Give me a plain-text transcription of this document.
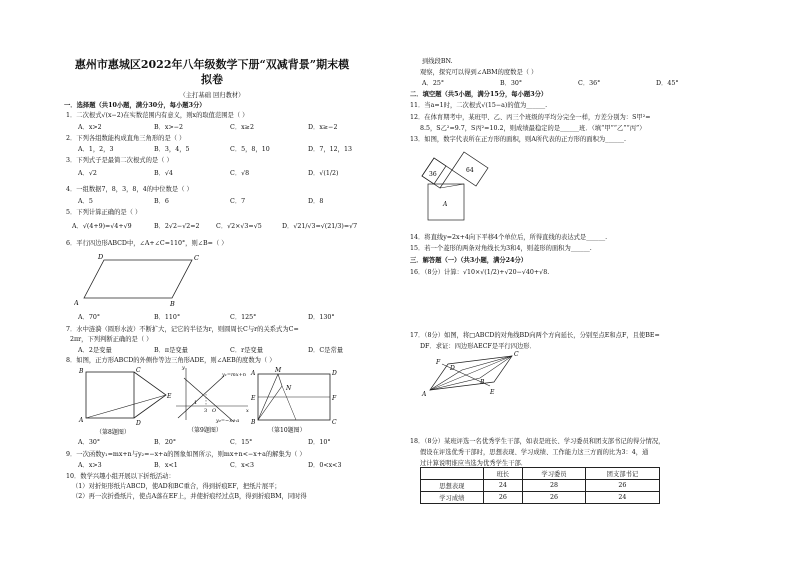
惠州市惠城区2022年八年级数学下册“双减背景”期末模
拟卷
（主打基础 回归教材）
一．选择题（共10小题，满分30分，每小题3分）
1．二次根式√(x−2)在实数范围内有意义，则x的取值范围是（ ）
A．x>2	B．x>−2	C．x≥2	D．x≥−2
2．下列各组数能构成直角三角形的是（ ）
A．1，2，3	B．3，4，5	C．5，8，10	D．7，12，13
3．下列式子是最简二次根式的是（ ）
A．√2	B．√4	C．√8	D．√(1/2)
4．一组数据7，8，3，8，4的中位数是（ ）
A．5	B．6	C．7	D．8
5．下列计算正确的是（ ）
A．√(4+9)=√4+√9	B．2√2−√2=2	C．√2×√3=√5	D．√21/√3=√(21/3)=√7
6．平行四边形ABCD中，∠A+∠C=110°，则∠B=（ ）
A	B
C
D
A．70°	B．110°	C．125°	D．130°
7．水中涟漪（圆形水波）不断扩大，记它的半径为r，则圆周长C与r的关系式为C=
2πr，下列判断正确的是（ ）
A．2是变量	B．π是变量	C．r是变量	D．C是常量
8．如图，正方形ABCD的外侧作等边三角形ADE，则∠AEB的度数为（ ）
B
A
C
D
E
（第8题图）
y₁=mx+n
y₂=−x+a
y
x
1
3 O
（第9题图）
A	M	D
E	F
N
B	C
（第10题图）
A．30°	B．20°	C．15°	D．10°
9．一次函数y₁=mx+n与y₂=−x+a的图象如图所示，则mx+n<−x+a的解集为（ ）
A．x>3	B．x<1	C．x<3	D．0<x<3
10．数学兴趣小组开展以下折纸活动：
（1）对折矩形纸片ABCD，使AD和BC重合，得到折痕EF，把纸片展平；
（2）再一次折叠纸片，使点A落在EF上，并使折痕经过点B，得到折痕BM，同时得
到线段BN.
观察，探究可以得到∠ABM的度数是（ ）
A．25°	B．30°	C．36°	D．45°
二．填空题（共5小题，满分15分，每小题3分）
11．当a=1时，二次根式√(15−a)的值为______.
12．在体育期考中，某班甲、乙、丙三个班级的平均分完全一样，方差分别为：S甲²=
8.5，S乙²=9.7，S丙²=10.2，则成绩最稳定的是______班．（填“甲”“乙”“丙”）
13．如图，数字代表所在正方形的面积，则A所代表的正方形的面积为______.
36
64
A
14．将直线y=2x+4向下平移4个单位后，所得直线的表达式是______.
15．若一个菱形的两条对角线长为3和4，则菱形的面积为______.
三．解答题（一）（共3小题，满分24分）
16．（8分）计算：√10×√(1/2)+√20−√40+√8.
17．（8分）如图，将□ABCD的对角线BD向两个方向延长，分别至点E和点F，且使BE=
DF．求证：四边形AECF是平行四边形．
A
C
F
E
D
B
18．（8分）某班评选一名优秀学生干部，如表是班长、学习委员和团支部书记的得分情况，
假设在评选优秀干部时，思想表现、学习成绩、工作能力这三方面的比为3：4，通
过计算说明谁应当选为优秀学生干部．
	班长	学习委员	团支部书记
思想表现	24	28	26
学习成绩	26	26	24
